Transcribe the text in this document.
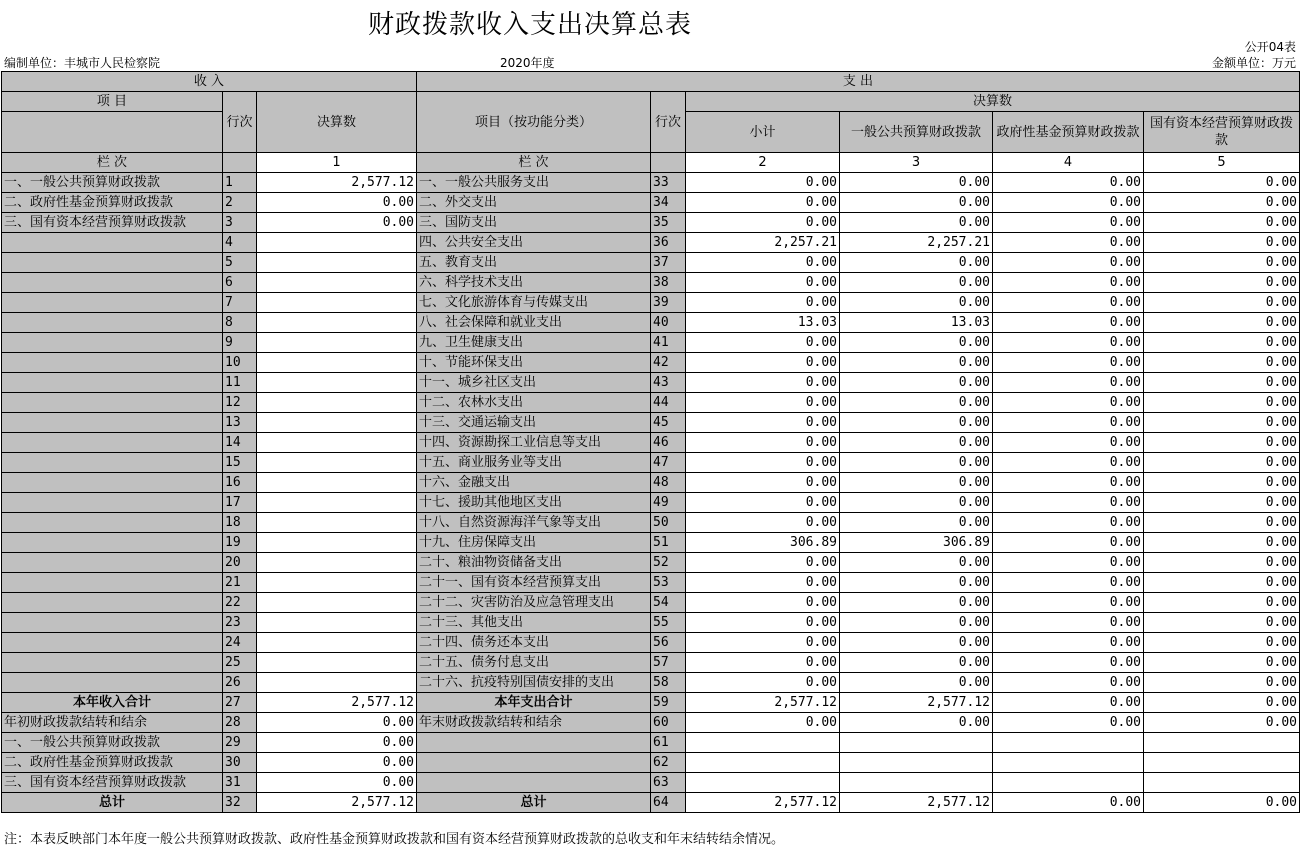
财政拨款收入支出决算总表
公开04表
编制单位：丰城市人民检察院	2020年度	金额单位：万元
收 入			支 出					
项 目	行次	决算数	项目（按功能分类）	行次	决算数			
					小计	一般公共预算财政拨款	政府性基金预算财政拨款	国有资本经营预算财政拨款

栏 次		1	栏 次		2	3	4	5
一、一般公共预算财政拨款	1	2,577.12	一、一般公共服务支出	33	0.00	0.00	0.00	0.00
二、政府性基金预算财政拨款	2	0.00	二、外交支出	34	0.00	0.00	0.00	0.00
三、国有资本经营预算财政拨款	3	0.00	三、国防支出	35	0.00	0.00	0.00	0.00
	4		四、公共安全支出	36	2,257.21	2,257.21	0.00	0.00
	5		五、教育支出	37	0.00	0.00	0.00	0.00
	6		六、科学技术支出	38	0.00	0.00	0.00	0.00
	7		七、文化旅游体育与传媒支出	39	0.00	0.00	0.00	0.00
	8		八、社会保障和就业支出	40	13.03	13.03	0.00	0.00
	9		九、卫生健康支出	41	0.00	0.00	0.00	0.00
	10		十、节能环保支出	42	0.00	0.00	0.00	0.00
	11		十一、城乡社区支出	43	0.00	0.00	0.00	0.00
	12		十二、农林水支出	44	0.00	0.00	0.00	0.00
	13		十三、交通运输支出	45	0.00	0.00	0.00	0.00
	14		十四、资源勘探工业信息等支出	46	0.00	0.00	0.00	0.00
	15		十五、商业服务业等支出	47	0.00	0.00	0.00	0.00
	16		十六、金融支出	48	0.00	0.00	0.00	0.00
	17		十七、援助其他地区支出	49	0.00	0.00	0.00	0.00
	18		十八、自然资源海洋气象等支出	50	0.00	0.00	0.00	0.00
	19		十九、住房保障支出	51	306.89	306.89	0.00	0.00
	20		二十、粮油物资储备支出	52	0.00	0.00	0.00	0.00
	21		二十一、国有资本经营预算支出	53	0.00	0.00	0.00	0.00
	22		二十二、灾害防治及应急管理支出	54	0.00	0.00	0.00	0.00
	23		二十三、其他支出	55	0.00	0.00	0.00	0.00
	24		二十四、债务还本支出	56	0.00	0.00	0.00	0.00
	25		二十五、债务付息支出	57	0.00	0.00	0.00	0.00
	26		二十六、抗疫特别国债安排的支出	58	0.00	0.00	0.00	0.00
本年收入合计	27	2,577.12	本年支出合计	59	2,577.12	2,577.12	0.00	0.00
年初财政拨款结转和结余	28	0.00	年末财政拨款结转和结余	60	0.00	0.00	0.00	0.00
一、一般公共预算财政拨款	29	0.00		61				
二、政府性基金预算财政拨款	30	0.00		62				
三、国有资本经营预算财政拨款	31	0.00		63				
总计	32	2,577.12	总计	64	2,577.12	2,577.12	0.00	0.00
注：本表反映部门本年度一般公共预算财政拨款、政府性基金预算财政拨款和国有资本经营预算财政拨款的总收支和年末结转结余情况。
